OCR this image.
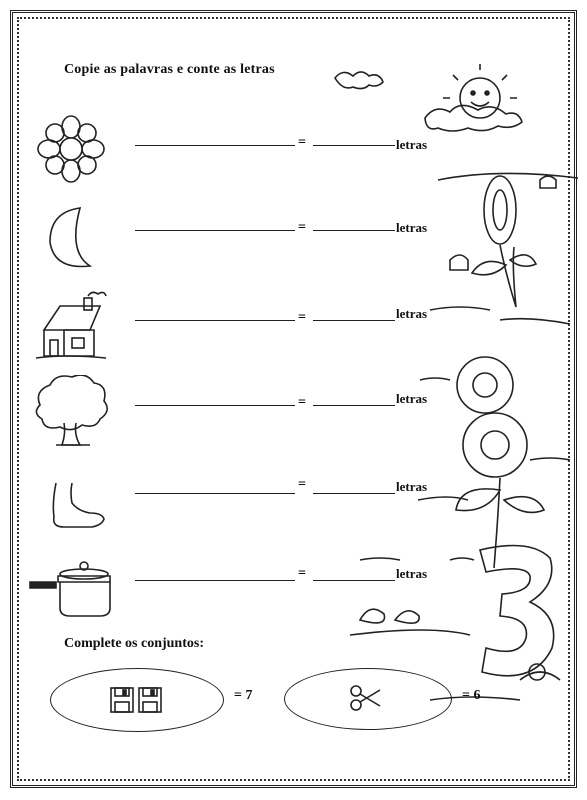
Copie as palavras e conte as letras
=	letras
=	letras
=	letras
=	letras
=	letras
=	letras
Complete os conjuntos:
= 7	= 6
